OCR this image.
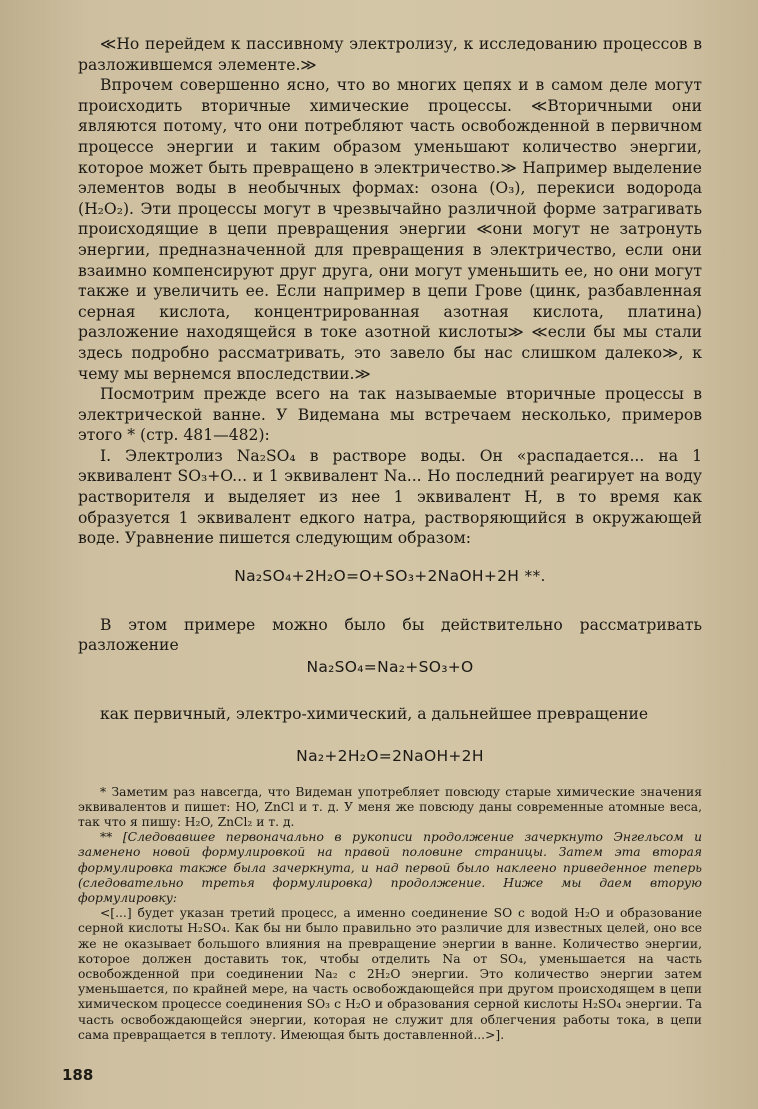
≪Но перейдем к пассивному электролизу, к исследованию процессов в разложившемся элементе.≫

Впрочем совершенно ясно, что во многих цепях и в самом деле могут происходить вторичные химические процессы. ≪Вторичными они являются потому, что они потребляют часть освобожденной в первичном процессе энергии и таким образом уменьшают количество энергии, которое может быть превращено в электричество.≫ Например выделение элементов воды в необычных формах: озона (O₃), перекиси водорода (H₂O₂). Эти процессы могут в чрезвычайно различной форме затрагивать происходящие в цепи превращения энергии ≪они могут не затронуть энергии, предназначенной для превращения в электричество, если они взаимно компенсируют друг друга, они могут уменьшить ее, но они могут также и увеличить ее. Если например в цепи Грове (цинк, разбавленная серная кислота, концентрированная азотная кислота, платина) разложение находящейся в токе азотной кислоты≫ ≪если бы мы стали здесь подробно рассматривать, это завело бы нас слишком далеко≫, к чему мы вернемся впоследствии.≫

Посмотрим прежде всего на так называемые вторичные процессы в электрической ванне. У Видемана мы встречаем несколько, примеров этого * (стр. 481—482):

I. Электролиз Na₂SO₄ в растворе воды. Он «распадается... на 1 эквивалент SO₃+O... и 1 эквивалент Na... Но последний реагирует на воду растворителя и выделяет из нее 1 эквивалент H, в то время как образуется 1 эквивалент едкого натра, растворяющийся в окружающей воде. Уравнение пишется следующим образом:

Na₂SO₄+2H₂O=O+SO₃+2NaOH+2H **.

В этом примере можно было бы действительно рассматривать разложение

Na₂SO₄=Na₂+SO₃+O

как первичный, электро-химический, а дальнейшее превращение

Na₂+2H₂O=2NaOH+2H

* Заметим раз навсегда, что Видеман употребляет повсюду старые химические значения эквивалентов и пишет: HO, ZnCl и т. д. У меня же повсюду даны современные атомные веса, так что я пишу: H₂O, ZnCl₂ и т. д.

** [Следовавшее первоначально в рукописи продолжение зачеркнуто Энгельсом и заменено новой формулировкой на правой половине страницы. Затем эта вторая формулировка также была зачеркнута, и над первой было наклеено приведенное теперь (следовательно третья формулировка) продолжение. Ниже мы даем вторую формулировку:

<[...] будет указан третий процесс, а именно соединение SO с водой H₂O и образование серной кислоты H₂SO₄. Как бы ни было правильно это различие для известных целей, оно все же не оказывает большого влияния на превращение энергии в ванне. Количество энергии, которое должен доставить ток, чтобы отделить Na от SO₄, уменьшается на часть освобожденной при соединении Na₂ с 2H₂O энергии. Это количество энергии затем уменьшается, по крайней мере, на часть освобождающейся при другом происходящем в цепи химическом процессе соединения SO₃ с H₂O и образования серной кислоты H₂SO₄ энергии. Та часть освобождающейся энергии, которая не служит для облегчения работы тока, в цепи сама превращается в теплоту. Имеющая быть доставленной...>].

188
